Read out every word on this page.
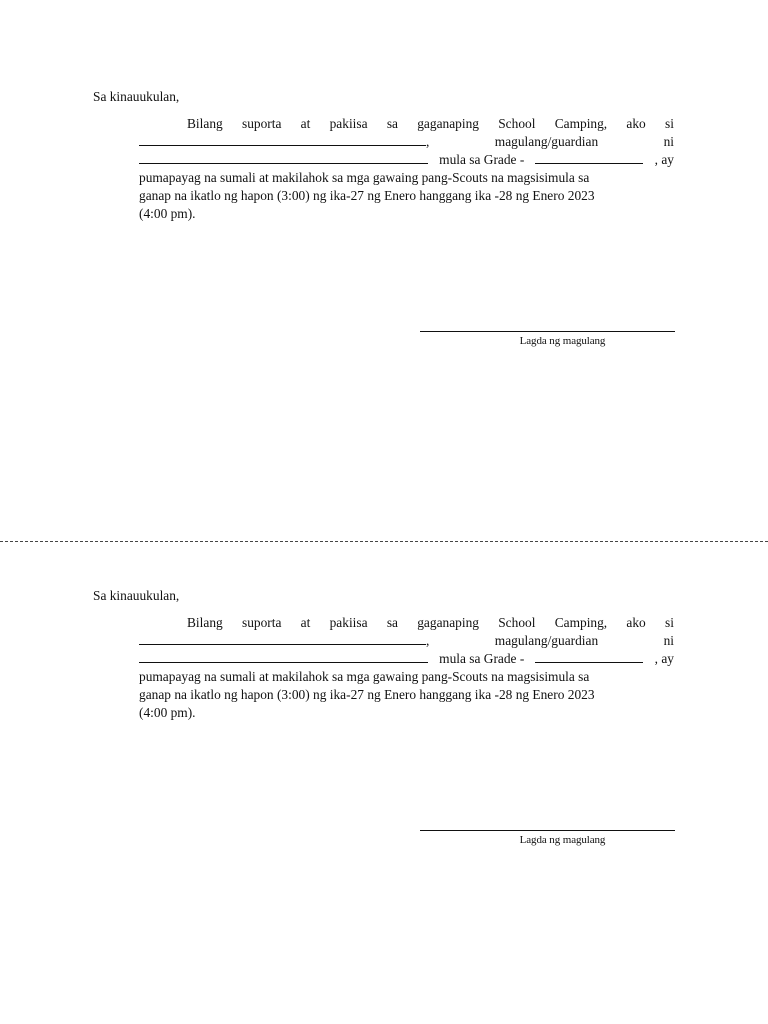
Sa kinauukulan,
Bilang suporta at pakiisa sa gaganaping School Camping, ako si
,	magulang/guardian	ni
mula sa Grade -	, ay
pumapayag na sumali at makilahok sa mga gawaing pang-Scouts na magsisimula sa
ganap na ikatlo ng hapon (3:00) ng ika-27 ng Enero hanggang ika -28 ng Enero 2023
(4:00 pm).
Lagda ng magulang
Sa kinauukulan,
Bilang suporta at pakiisa sa gaganaping School Camping, ako si
,	magulang/guardian	ni
mula sa Grade -	, ay
pumapayag na sumali at makilahok sa mga gawaing pang-Scouts na magsisimula sa
ganap na ikatlo ng hapon (3:00) ng ika-27 ng Enero hanggang ika -28 ng Enero 2023
(4:00 pm).
Lagda ng magulang
